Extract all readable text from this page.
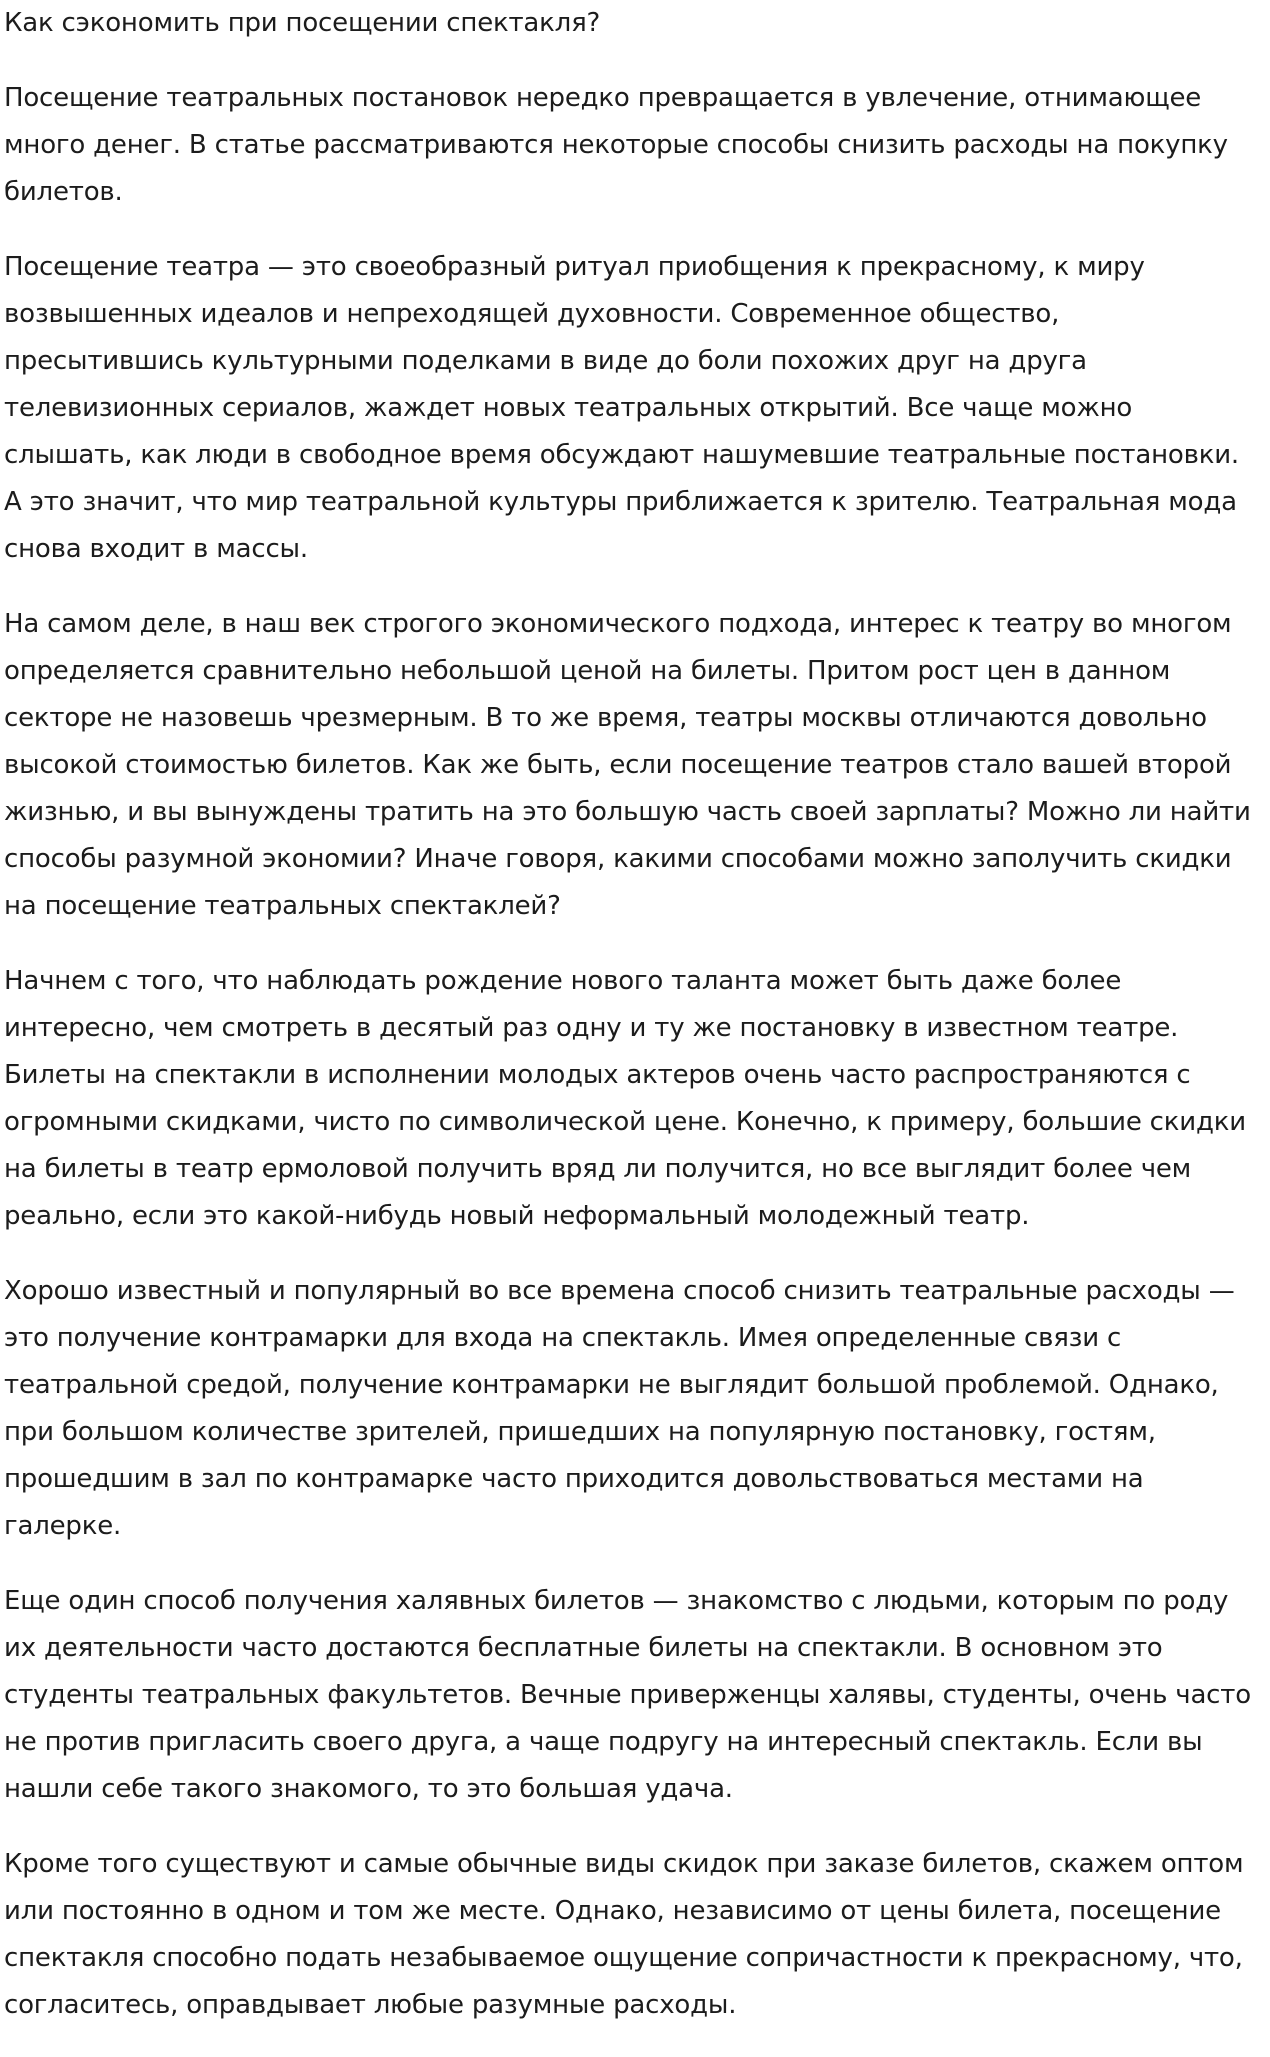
Как сэкономить при посещении спектакля?

Посещение театральных постановок нередко превращается в увлечение, отнимающее много денег. В статье рассматриваются некоторые способы снизить расходы на покупку билетов.

Посещение театра — это своеобразный ритуал приобщения к прекрасному, к миру возвышенных идеалов и непреходящей духовности. Современное общество, пресытившись культурными поделками в виде до боли похожих друг на друга телевизионных сериалов, жаждет новых театральных открытий. Все чаще можно слышать, как люди в свободное время обсуждают нашумевшие театральные постановки. А это значит, что мир театральной культуры приближается к зрителю. Театральная мода снова входит в массы.

На самом деле, в наш век строгого экономического подхода, интерес к театру во многом определяется сравнительно небольшой ценой на билеты. Притом рост цен в данном секторе не назовешь чрезмерным. В то же время, театры москвы отличаются довольно высокой стоимостью билетов. Как же быть, если посещение театров стало вашей второй жизнью, и вы вынуждены тратить на это большую часть своей зарплаты? Можно ли найти способы разумной экономии? Иначе говоря, какими способами можно заполучить скидки на посещение театральных спектаклей?

Начнем с того, что наблюдать рождение нового таланта может быть даже более интересно, чем смотреть в десятый раз одну и ту же постановку в известном театре. Билеты на спектакли в исполнении молодых актеров очень часто распространяются с огромными скидками, чисто по символической цене. Конечно, к примеру, большие скидки на билеты в театр ермоловой получить вряд ли получится, но все выглядит более чем реально, если это какой-нибудь новый неформальный молодежный театр.

Хорошо известный и популярный во все времена способ снизить театральные расходы — это получение контрамарки для входа на спектакль. Имея определенные связи с театральной средой, получение контрамарки не выглядит большой проблемой. Однако, при большом количестве зрителей, пришедших на популярную постановку, гостям, прошедшим в зал по контрамарке часто приходится довольствоваться местами на галерке.

Еще один способ получения халявных билетов — знакомство с людьми, которым по роду их деятельности часто достаются бесплатные билеты на спектакли. В основном это студенты театральных факультетов. Вечные приверженцы халявы, студенты, очень часто не против пригласить своего друга, а чаще подругу на интересный спектакль. Если вы нашли себе такого знакомого, то это большая удача.

Кроме того существуют и самые обычные виды скидок при заказе билетов, скажем оптом или постоянно в одном и том же месте. Однако, независимо от цены билета, посещение спектакля способно подать незабываемое ощущение сопричастности к прекрасному, что, согласитесь, оправдывает любые разумные расходы.
